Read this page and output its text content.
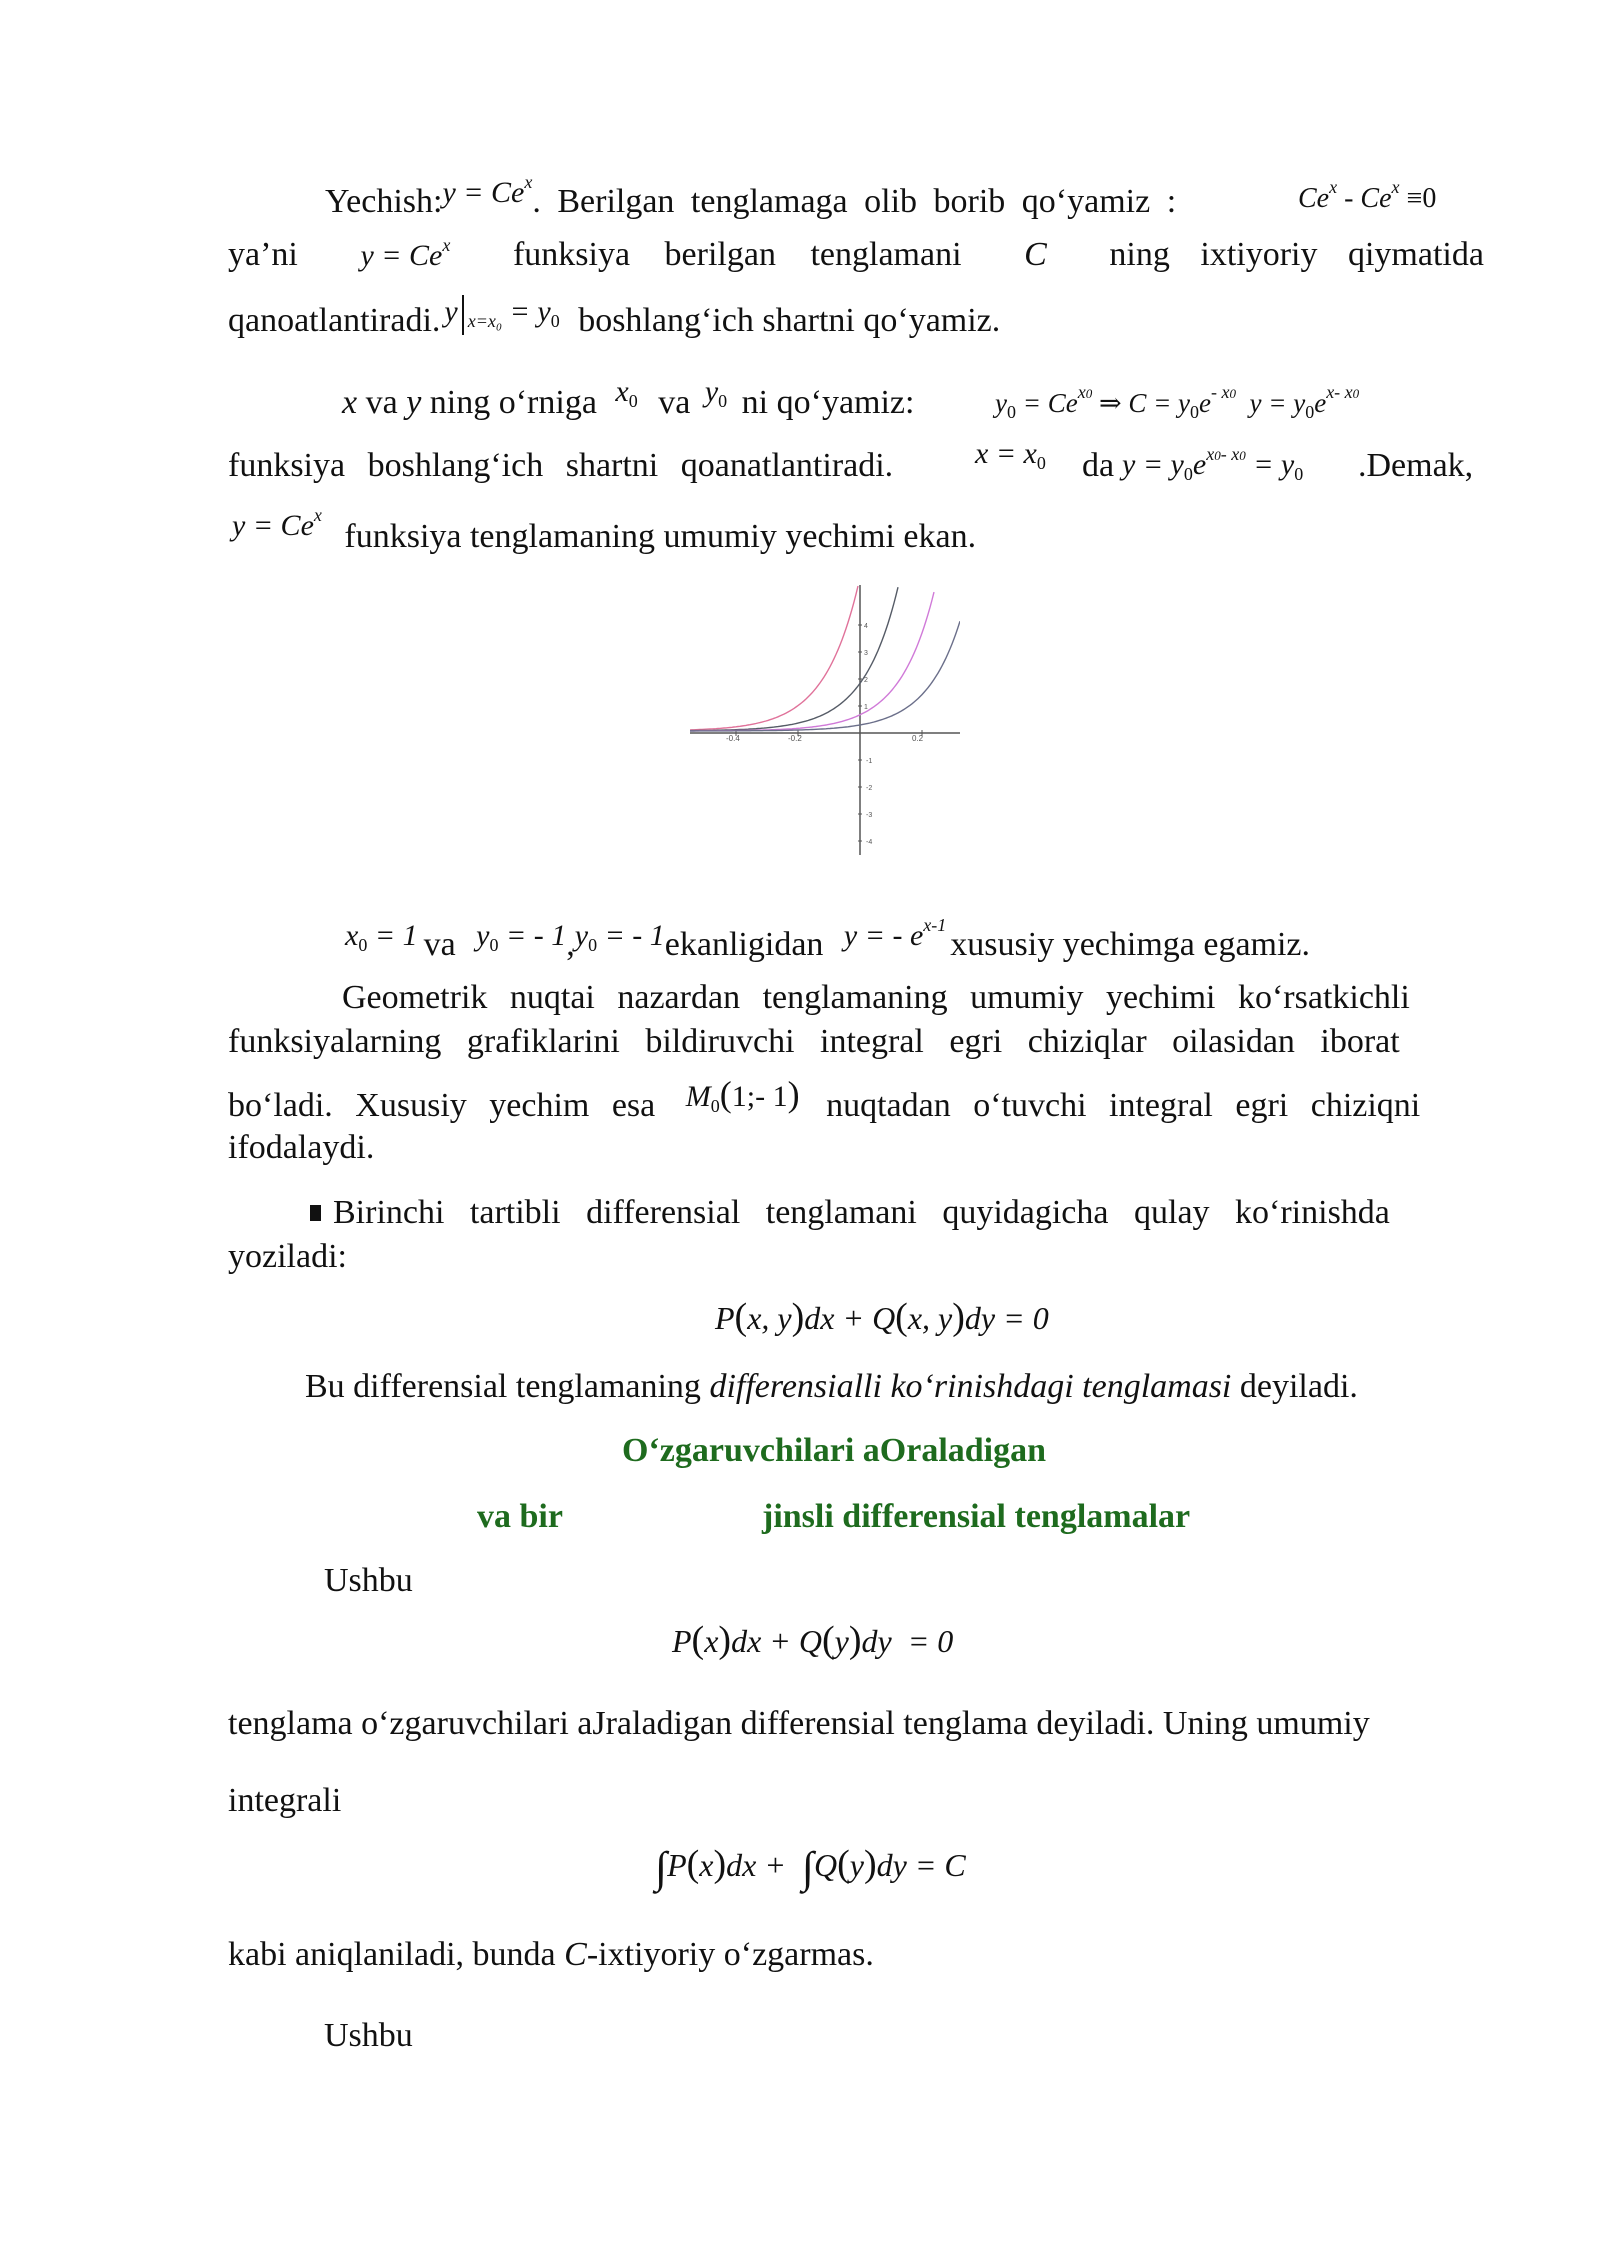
Yechish:y = $Ce^x$. Berilgan tenglamaga olib borib qo‘yamiz :	$Ce^x - Ce^x \equiv 0$
ya’ni $y = Ce^x$ funksiya berilgan tenglamani C ning ixtiyoriy qiymatida
qanoatlantiradi. y $_{x=x_0} = y_0$ boshlang‘ich shartni qo‘yamiz.
x va y ning o‘rniga $x_0$ va $y_0$ ni qo‘yamiz:	$y_0 = Ce^{x0}$ ⇒ $C = y_0e^{- x0}$  $y = y_0e^{x- x0}$
funksiya boshlang‘ich shartni qoanatlantiradi.	$x = x_0$ da $y = y_0e^{x0- x0} = y_0$ .Demak,
$y = Ce^x$ funksiya tenglamaning umumiy yechimi ekan.
-0.4	-0.2	0.2
4
3
2
1
-1
-2
-3
-4
$x_0 = 1$ va $y_0$ = - $1,y_0$ = - 1ekanligidan y = - $e^{x-1}xususiy$ yechimga egamiz.
Geometrik nuqtai nazardan tenglamaning umumiy yechimi ko‘rsatkichli
funksiyalarning grafiklarini bildiruvchi integral egri chiziqlar oilasidan iborat
bo‘ladi. Xususiy yechim esa $M_0(1;-$ 1) nuqtadan o‘tuvchi integral egri chiziqni
ifodalaydi.
Birinchi tartibli differensial tenglamani quyidagicha qulay ko‘rinishda
yoziladi:
P(x, y)dx + Q(x, y)dy = 0
Bu differensial tenglamaning differensialli ko‘rinishdagi tenglamasi deyiladi.
O‘zgaruvchilari aOraladigan
va bir	jinsli differensial tenglamalar
Ushbu
P(x)dx + Q(y)dy  = 0
tenglama o‘zgaruvchilari aJraladigan differensial tenglama deyiladi. Uning umumiy
integrali
∫P(x)dx +  ∫Q(y)dy = C
kabi aniqlaniladi, bunda C-ixtiyoriy o‘zgarmas.
Ushbu
